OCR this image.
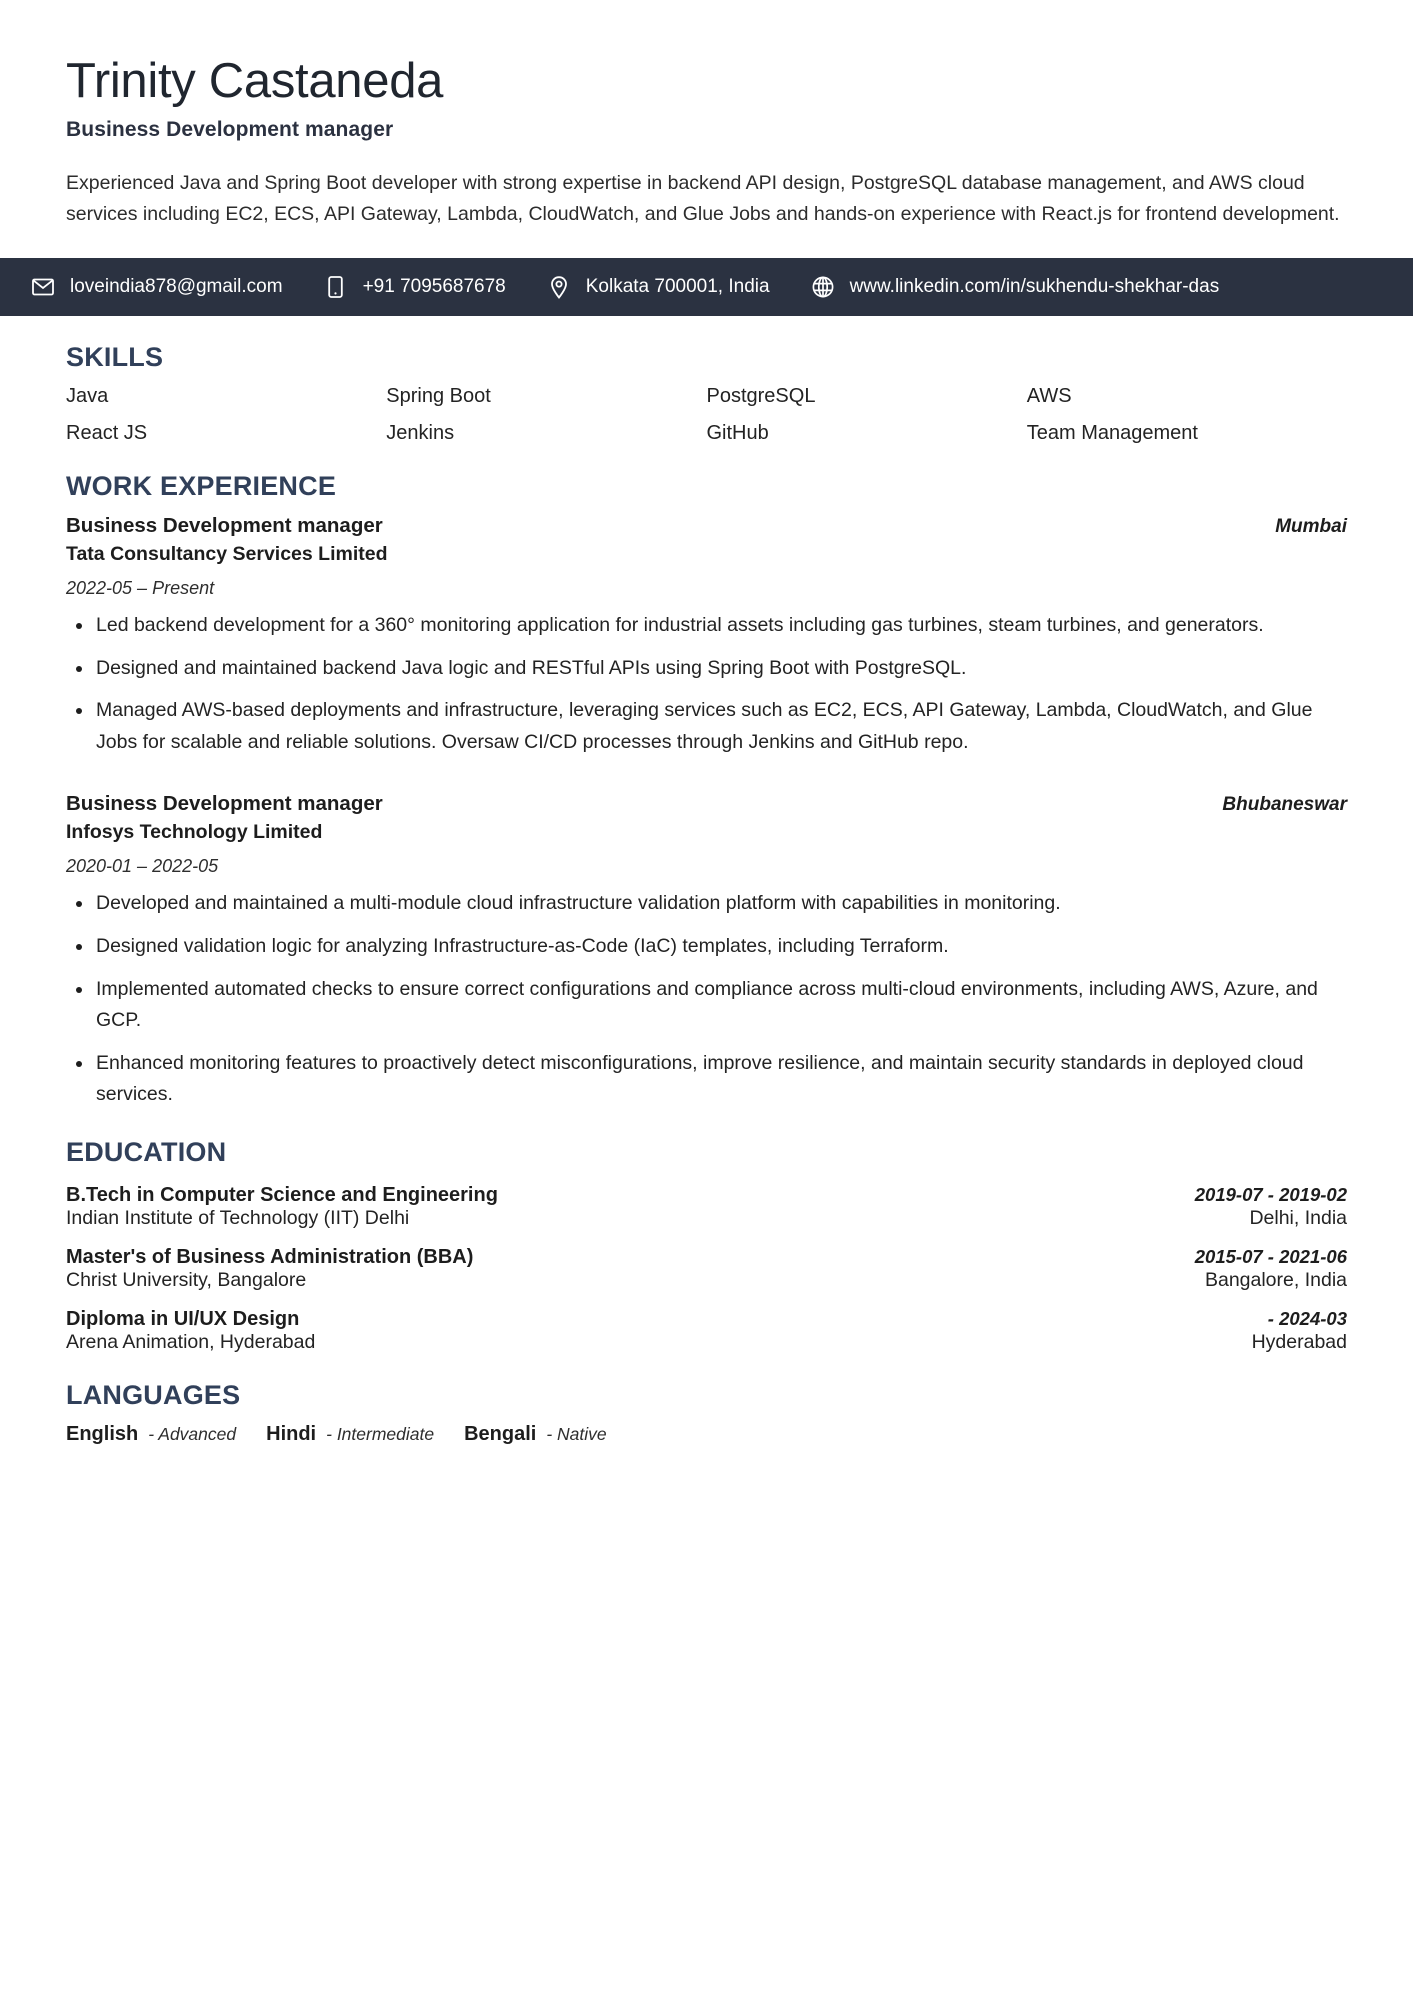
Trinity Castaneda
Business Development manager
Experienced Java and Spring Boot developer with strong expertise in backend API design, PostgreSQL database management, and AWS cloud services including EC2, ECS, API Gateway, Lambda, CloudWatch, and Glue Jobs and hands-on experience with React.js for frontend development.
loveindia878@gmail.com	+91 7095687678	Kolkata 700001, India	www.linkedin.com/in/sukhendu-shekhar-das
SKILLS
Java	Spring Boot	PostgreSQL	AWS
React JS	Jenkins	GitHub	Team Management
WORK EXPERIENCE
Business Development manager	Mumbai
Tata Consultancy Services Limited
2022-05 – Present
Led backend development for a 360° monitoring application for industrial assets including gas turbines, steam turbines, and generators.
Designed and maintained backend Java logic and RESTful APIs using Spring Boot with PostgreSQL.
Managed AWS-based deployments and infrastructure, leveraging services such as EC2, ECS, API Gateway, Lambda, CloudWatch, and Glue Jobs for scalable and reliable solutions. Oversaw CI/CD processes through Jenkins and GitHub repo.
Business Development manager	Bhubaneswar
Infosys Technology Limited
2020-01 – 2022-05
Developed and maintained a multi-module cloud infrastructure validation platform with capabilities in monitoring.
Designed validation logic for analyzing Infrastructure-as-Code (IaC) templates, including Terraform.
Implemented automated checks to ensure correct configurations and compliance across multi-cloud environments, including AWS, Azure, and GCP.
Enhanced monitoring features to proactively detect misconfigurations, improve resilience, and maintain security standards in deployed cloud services.
EDUCATION
B.Tech in Computer Science and Engineering	2019-07 - 2019-02
Indian Institute of Technology (IIT) Delhi	Delhi, India
Master's of Business Administration (BBA)	2015-07 - 2021-06
Christ University, Bangalore	Bangalore, India
Diploma in UI/UX Design	- 2024-03
Arena Animation, Hyderabad	Hyderabad
LANGUAGES
English - Advanced Hindi - Intermediate Bengali - Native
